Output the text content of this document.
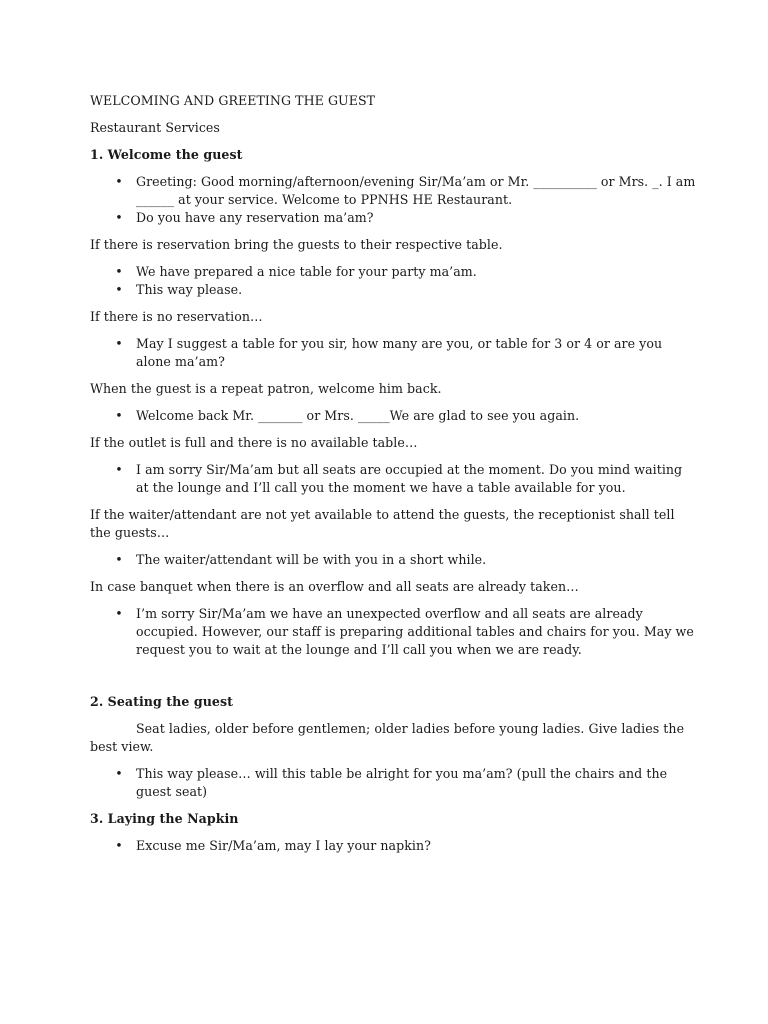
WELCOMING AND GREETING THE GUEST
Restaurant Services
1. Welcome the guest
• Greeting: Good morning/afternoon/evening Sir/Ma’am or Mr. __________ or Mrs. _. I am ______ at your service. Welcome to PPNHS HE Restaurant.
• Do you have any reservation ma’am?
If there is reservation bring the guests to their respective table.
• We have prepared a nice table for your party ma’am.
• This way please.
If there is no reservation…
• May I suggest a table for you sir, how many are you, or table for 3 or 4 or are you alone ma’am?
When the guest is a repeat patron, welcome him back.
• Welcome back Mr. _______ or Mrs. _____We are glad to see you again.
If the outlet is full and there is no available table…
• I am sorry Sir/Ma’am but all seats are occupied at the moment. Do you mind waiting at the lounge and I’ll call you the moment we have a table available for you.
If the waiter/attendant are not yet available to attend the guests, the receptionist shall tell the guests…
• The waiter/attendant will be with you in a short while.
In case banquet when there is an overflow and all seats are already taken…
• I’m sorry Sir/Ma’am we have an unexpected overflow and all seats are already occupied. However, our staff is preparing additional tables and chairs for you. May we request you to wait at the lounge and I’ll call you when we are ready.
2. Seating the guest
Seat ladies, older before gentlemen; older ladies before young ladies. Give ladies the best view.
• This way please… will this table be alright for you ma’am? (pull the chairs and the guest seat)
3. Laying the Napkin
• Excuse me Sir/Ma’am, may I lay your napkin?
